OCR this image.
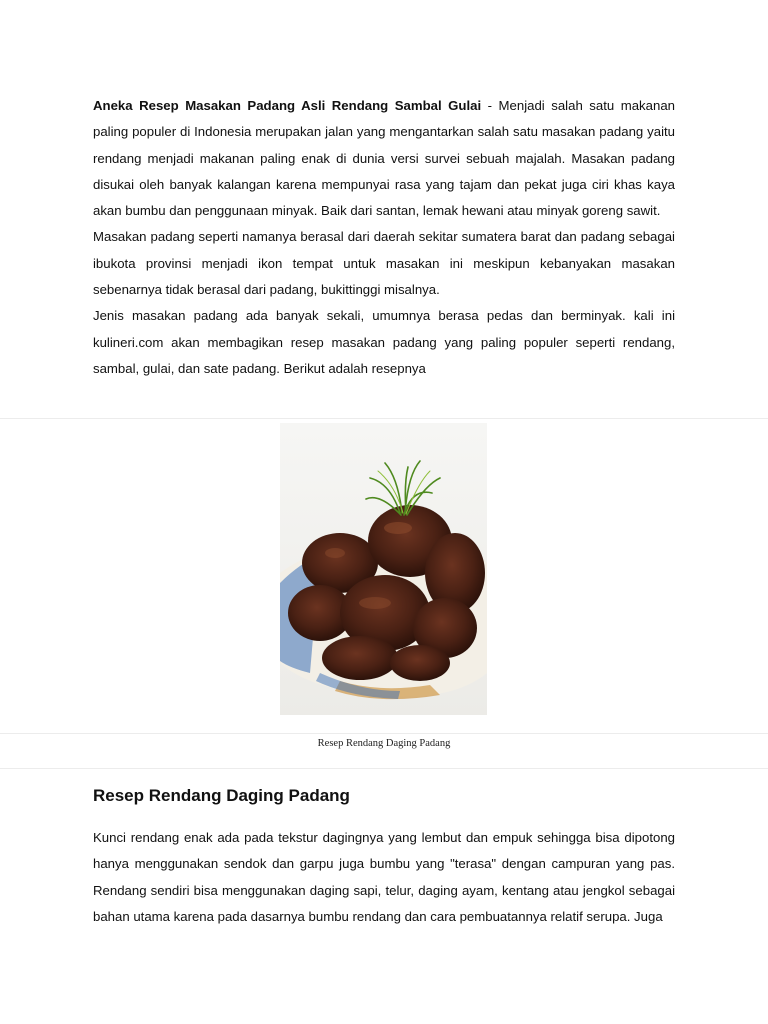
Aneka Resep Masakan Padang Asli Rendang Sambal Gulai - Menjadi salah satu makanan paling populer di Indonesia merupakan jalan yang mengantarkan salah satu masakan padang yaitu rendang menjadi makanan paling enak di dunia versi survei sebuah majalah. Masakan padang disukai oleh banyak kalangan karena mempunyai rasa yang tajam dan pekat juga ciri khas kaya akan bumbu dan penggunaan minyak. Baik dari santan, lemak hewani atau minyak goreng sawit.

Masakan padang seperti namanya berasal dari daerah sekitar sumatera barat dan padang sebagai ibukota provinsi menjadi ikon tempat untuk masakan ini meskipun kebanyakan masakan sebenarnya tidak berasal dari padang, bukittinggi misalnya.
Jenis masakan padang ada banyak sekali, umumnya berasa pedas dan berminyak. kali ini kulineri.com akan membagikan resep masakan padang yang paling populer seperti rendang, sambal, gulai, dan sate padang. Berikut adalah resepnya

Resep Rendang Daging Padang
Resep Rendang Daging Padang

Kunci rendang enak ada pada tekstur dagingnya yang lembut dan empuk sehingga bisa dipotong hanya menggunakan sendok dan garpu juga bumbu yang "terasa" dengan campuran yang pas. Rendang sendiri bisa menggunakan daging sapi, telur, daging ayam, kentang atau jengkol sebagai bahan utama karena pada dasarnya bumbu rendang dan cara pembuatannya relatif serupa. Juga
